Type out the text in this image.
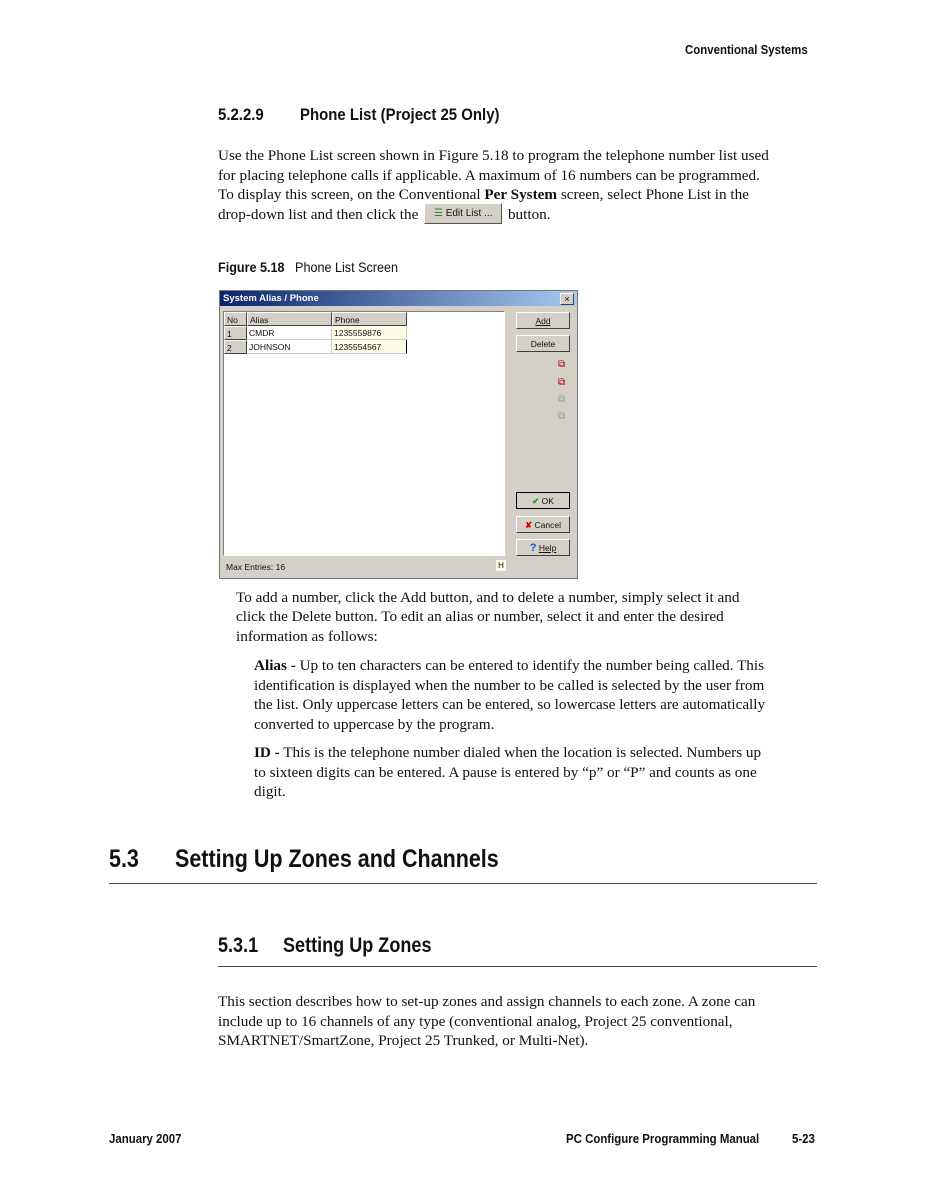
Conventional Systems
5.2.2.9 Phone List (Project 25 Only)
Use the Phone List screen shown in Figure 5.18 to program the telephone number list used
for placing telephone calls if applicable. A maximum of 16 numbers can be programmed.
To display this screen, on the Conventional Per System screen, select Phone List in the
drop-down list and then click the ☰ Edit List ... button.
Figure 5.18 Phone List Screen
System Alias / Phone	×
No	Alias	Phone
1	CMDR	1235559876
2	JOHNSON	1235554567
Add
Delete
⧉
⧉
⧉
⧉
✔ OK
✘ Cancel
? Help
Max Entries: 16	H
To add a number, click the Add button, and to delete a number, simply select it and
click the Delete button. To edit an alias or number, select it and enter the desired
information as follows:
Alias - Up to ten characters can be entered to identify the number being called. This
identification is displayed when the number to be called is selected by the user from
the list. Only uppercase letters can be entered, so lowercase letters are automatically
converted to uppercase by the program.
ID - This is the telephone number dialed when the location is selected. Numbers up
to sixteen digits can be entered. A pause is entered by “p” or “P” and counts as one
digit.
5.3 Setting Up Zones and Channels
5.3.1 Setting Up Zones
This section describes how to set-up zones and assign channels to each zone. A zone can
include up to 16 channels of any type (conventional analog, Project 25 conventional,
SMARTNET/SmartZone, Project 25 Trunked, or Multi-Net).
January 2007	PC Configure Programming Manual	5-23
